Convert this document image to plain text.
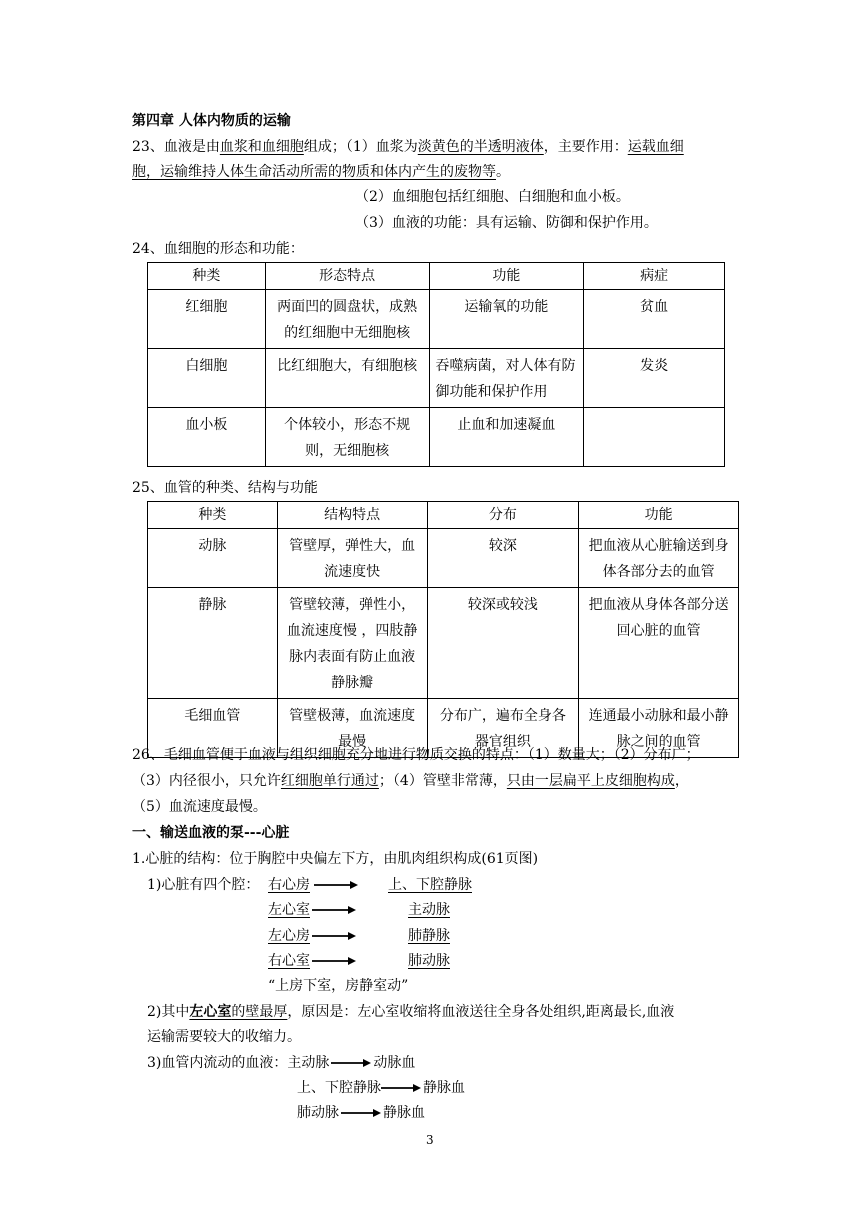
第四章 人体内物质的运输
23、血液是由血浆和血细胞组成；（1）血浆为淡黄色的半透明液体，主要作用：运载血细
胞，运输维持人体生命活动所需的物质和体内产生的废物等。
（2）血细胞包括红细胞、白细胞和血小板。
（3）血液的功能：具有运输、防御和保护作用。
24、血细胞的形态和功能：
种类	形态特点	功能	病症
红细胞	两面凹的圆盘状，成熟的红细胞中无细胞核	运输氧的功能	贫血
白细胞	比红细胞大，有细胞核	吞噬病菌，对人体有防御功能和保护作用	发炎
血小板	个体较小，形态不规则，无细胞核	止血和加速凝血	
25、血管的种类、结构与功能
种类	结构特点	分布	功能
动脉	管壁厚，弹性大，血流速度快	较深	把血液从心脏输送到身体各部分去的血管
静脉	管壁较薄，弹性小，血流速度慢 ，四肢静脉内表面有防止血液静脉瓣	较深或较浅	把血液从身体各部分送回心脏的血管
毛细血管	管壁极薄，血流速度最慢	分布广，遍布全身各器官组织	连通最小动脉和最小静脉之间的血管
26、毛细血管便于血液与组织细胞充分地进行物质交换的特点：（1）数量大；（2）分布广；
（3）内径很小，只允许红细胞单行通过；（4）管壁非常薄，只由一层扁平上皮细胞构成，
（5）血流速度最慢。
一、输送血液的泵---心脏
1.心脏的结构：位于胸腔中央偏左下方，由肌肉组织构成(61页图)
1)心脏有四个腔： 右心房	上、下腔静脉
左心室	主动脉
左心房	肺静脉
右心室	肺动脉
“上房下室，房静室动”
2)其中左心室的壁最厚，原因是：左心室收缩将血液送往全身各处组织,距离最长,血液
运输需要较大的收缩力。
3)血管内流动的血液：主动脉	动脉血
上、下腔静脉	静脉血
肺动脉	静脉血
3
